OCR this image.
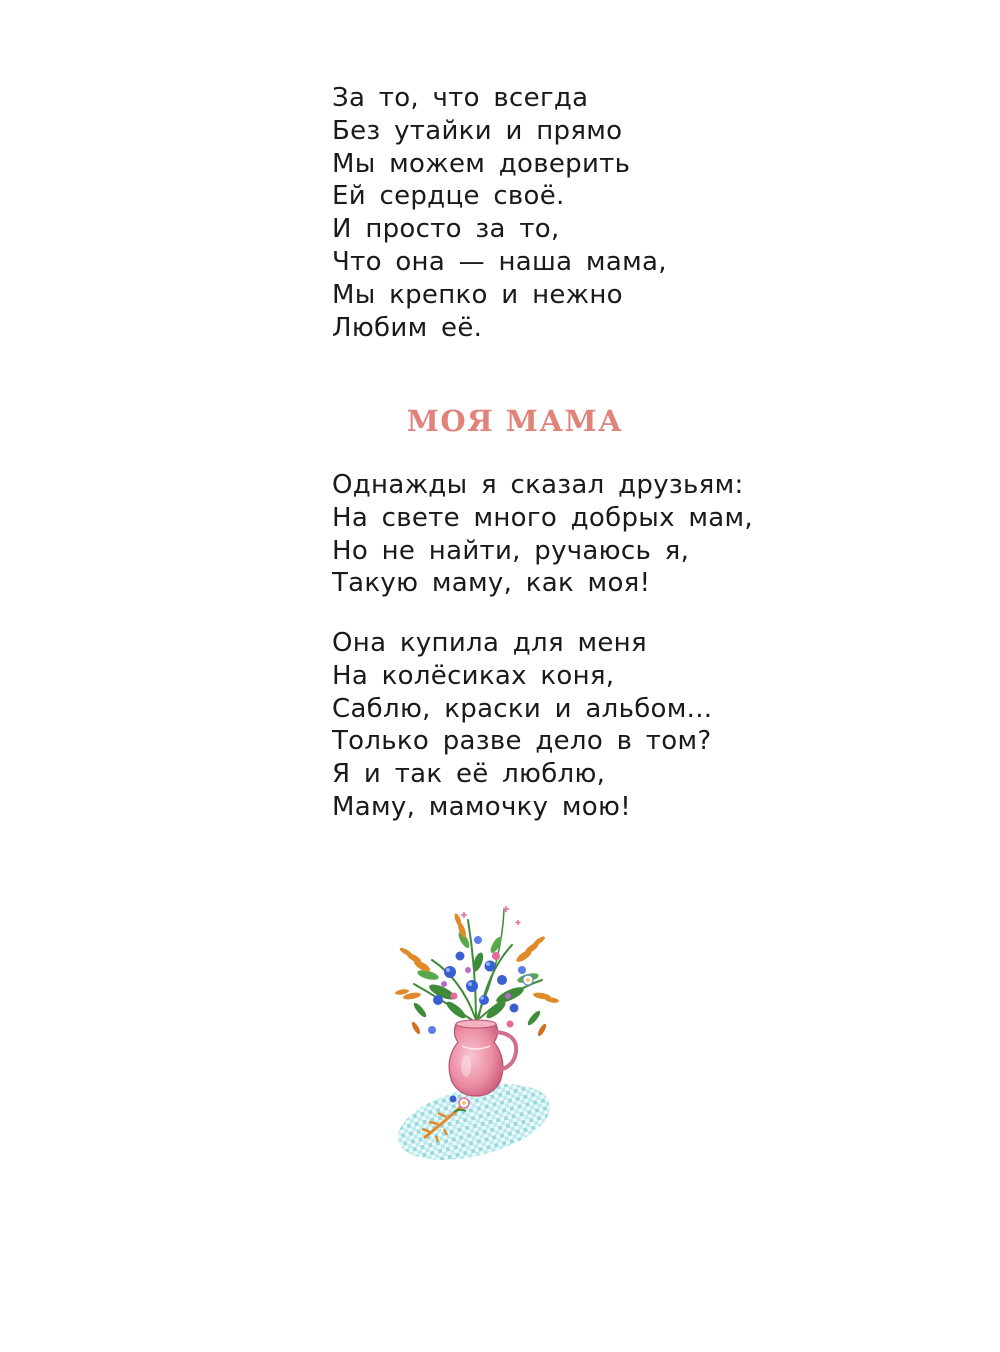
За то, что всегда
Без утайки и прямо
Мы можем доверить
Ей сердце своё.
И просто за то,
Что она — наша мама,
Мы крепко и нежно
Любим её.
МОЯ МАМА
Однажды я сказал друзьям:
На свете много добрых мам,
Но не найти, ручаюсь я,
Такую маму, как моя!
Она купила для меня
На колёсиках коня,
Саблю, краски и альбом...
Только разве дело в том?
Я и так её люблю,
Маму, мамочку мою!
